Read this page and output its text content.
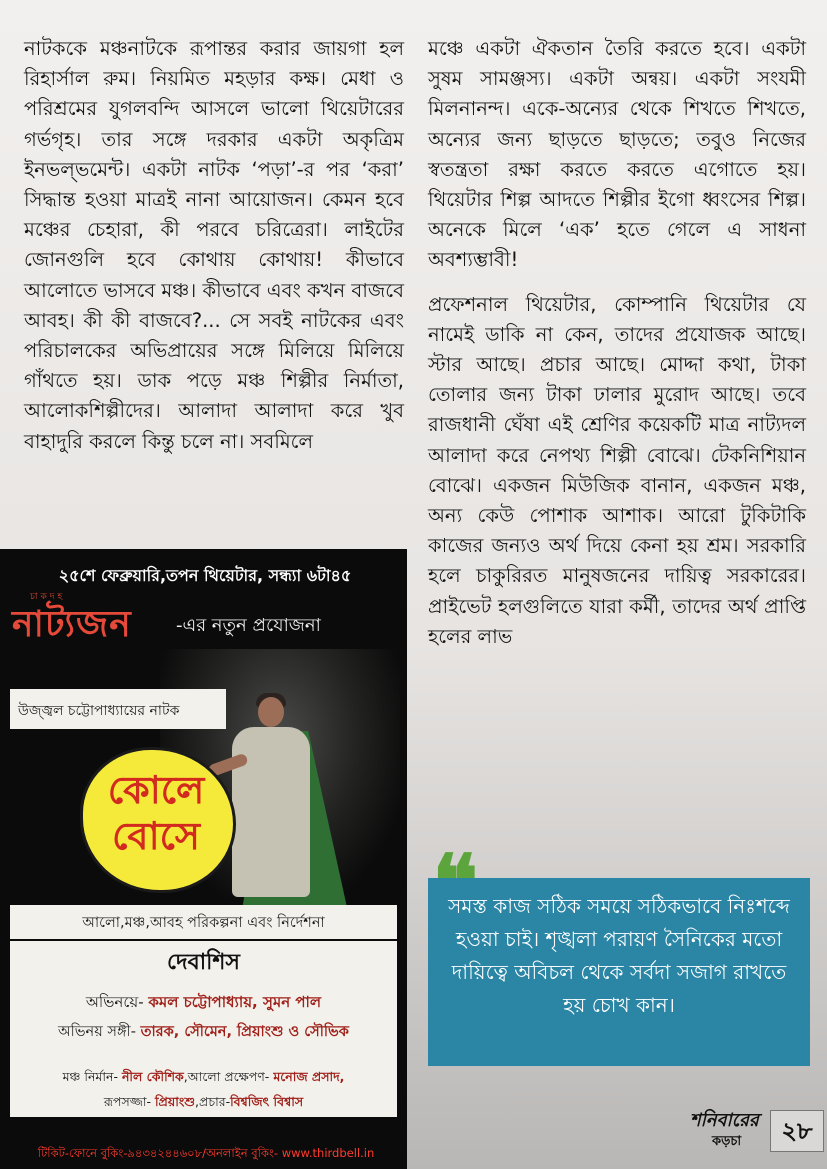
নাটককে মঞ্চনাটকে রূপান্তর করার জায়গা হল রিহার্সাল রুম। নিয়মিত মহড়ার কক্ষ। মেধা ও পরিশ্রমের যুগলবন্দি আসলে ভালো থিয়েটারের গর্ভগৃহ। তার সঙ্গে দরকার একটা অকৃত্রিম ইনভল্ভমেন্ট। একটা নাটক ‘পড়া’-র পর ‘করা’ সিদ্ধান্ত হওয়া মাত্রই নানা আয়োজন। কেমন হবে মঞ্চের চেহারা, কী পরবে চরিত্রেরা। লাইটের জোনগুলি হবে কোথায় কোথায়! কীভাবে আলোতে ভাসবে মঞ্চ। কীভাবে এবং কখন বাজবে আবহ। কী কী বাজবে?... সে সবই নাটকের এবং পরিচালকের অভিপ্রায়ের সঙ্গে মিলিয়ে মিলিয়ে গাঁথতে হয়। ডাক পড়ে মঞ্চ শিল্পীর নির্মাতা, আলোকশিল্পীদের। আলাদা আলাদা করে খুব বাহাদুরি করলে কিন্তু চলে না। সবমিলে

মঞ্চে একটা ঐকতান তৈরি করতে হবে। একটা সুষম সামঞ্জস্য। একটা অন্বয়। একটা সংযমী মিলনানন্দ। একে-অন্যের থেকে শিখতে শিখতে, অন্যের জন্য ছাড়তে ছাড়তে; তবুও নিজের স্বতন্ত্রতা রক্ষা করতে করতে এগোতে হয়। থিয়েটার শিল্প আদতে শিল্পীর ইগো ধ্বংসের শিল্প। অনেকে মিলে ‘এক’ হতে গেলে এ সাধনা অবশ্যম্ভাবী!

প্রফেশনাল থিয়েটার, কোম্পানি থিয়েটার যে নামেই ডাকি না কেন, তাদের প্রযোজক আছে। স্টার আছে। প্রচার আছে। মোদ্দা কথা, টাকা তোলার জন্য টাকা ঢালার মুরোদ আছে। তবে রাজধানী ঘেঁষা এই শ্রেণির কয়েকটি মাত্র নাট্যদল আলাদা করে নেপথ্য শিল্পী বোঝে। টেকনিশিয়ান বোঝে। একজন মিউজিক বানান, একজন মঞ্চ, অন্য কেউ পোশাক আশাক। আরো টুকিটাকি কাজের জন্যও অর্থ দিয়ে কেনা হয় শ্রম। সরকারি হলে চাকুরিরত মানুষজনের দায়িত্ব সরকারের। প্রাইভেট হলগুলিতে যারা কর্মী, তাদের অর্থ প্রাপ্তি হলের লাভ

২৫শে ফেব্রুয়ারি,তপন থিয়েটার, সন্ধ্যা ৬টা৪৫
চাকদহ
নাট্যজন -এর নতুন প্রযোজনা
উজ্জ্বল চট্টোপাধ্যায়ের নাটক
কোলে
বোসে
আলো,মঞ্চ,আবহ পরিকল্পনা এবং নির্দেশনা
দেবাশিস
অভিনয়ে- কমল চট্টোপাধ্যায়, সুমন পাল
অভিনয় সঙ্গী- তারক, সৌমেন, প্রিয়াংশু ও সৌভিক
মঞ্চ নির্মান- নীল কৌশিক,আলো প্রক্ষেপণ- মনোজ প্রসাদ,
রূপসজ্জা- প্রিয়াংশু,প্রচার-বিশ্বজিৎ বিশ্বাস
টিকিট-ফোনে বুকিং-৯৪৩৪২৪৪৬০৮/অনলাইন বুকিং- www.thirdbell.in
সমস্ত কাজ সঠিক সময়ে সঠিকভাবে নিঃশব্দে হওয়া চাই। শৃঙ্খলা পরায়ণ সৈনিকের মতো দায়িত্বে অবিচল থেকে সর্বদা সজাগ রাখতে হয় চোখ কান।
শনিবারের
কড়চা	২৮
